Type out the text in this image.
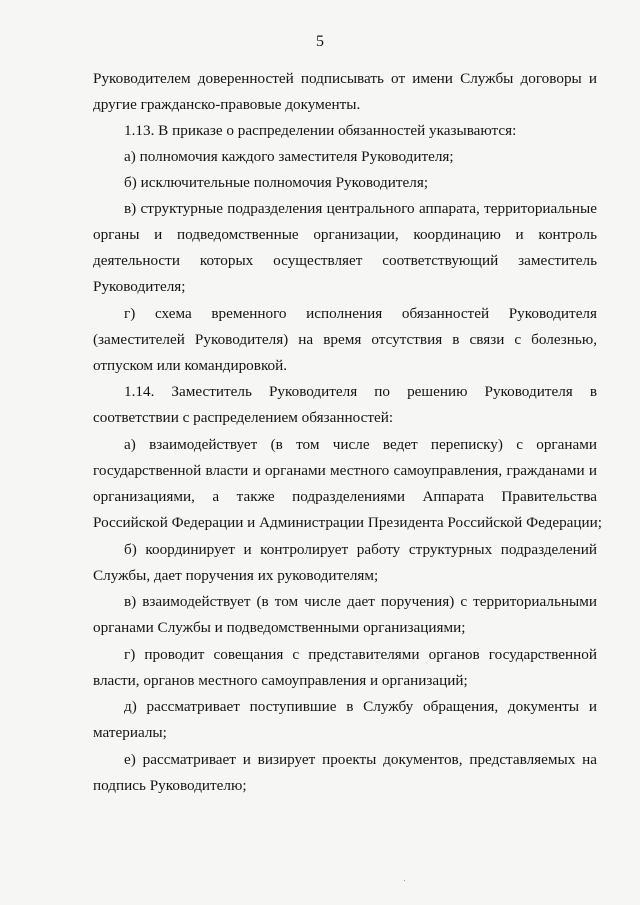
5
Руководителем доверенностей подписывать от имени Службы договоры и
другие гражданско-правовые документы.
1.13. В приказе о распределении обязанностей указываются:
а) полномочия каждого заместителя Руководителя;
б) исключительные полномочия Руководителя;
в) структурные подразделения центрального аппарата, территориальные
органы и подведомственные организации, координацию и контроль
деятельности которых осуществляет соответствующий заместитель
Руководителя;
г) схема временного исполнения обязанностей Руководителя
(заместителей Руководителя) на время отсутствия в связи с болезнью,
отпуском или командировкой.
1.14. Заместитель Руководителя по решению Руководителя в
соответствии с распределением обязанностей:
а) взаимодействует (в том числе ведет переписку) с органами
государственной власти и органами местного самоуправления, гражданами и
организациями, а также подразделениями Аппарата Правительства
Российской Федерации и Администрации Президента Российской Федерации;
б) координирует и контролирует работу структурных подразделений
Службы, дает поручения их руководителям;
в) взаимодействует (в том числе дает поручения) с территориальными
органами Службы и подведомственными организациями;
г) проводит совещания с представителями органов государственной
власти, органов местного самоуправления и организаций;
д) рассматривает поступившие в Службу обращения, документы и
материалы;
е) рассматривает и визирует проекты документов, представляемых на
подпись Руководителю;
